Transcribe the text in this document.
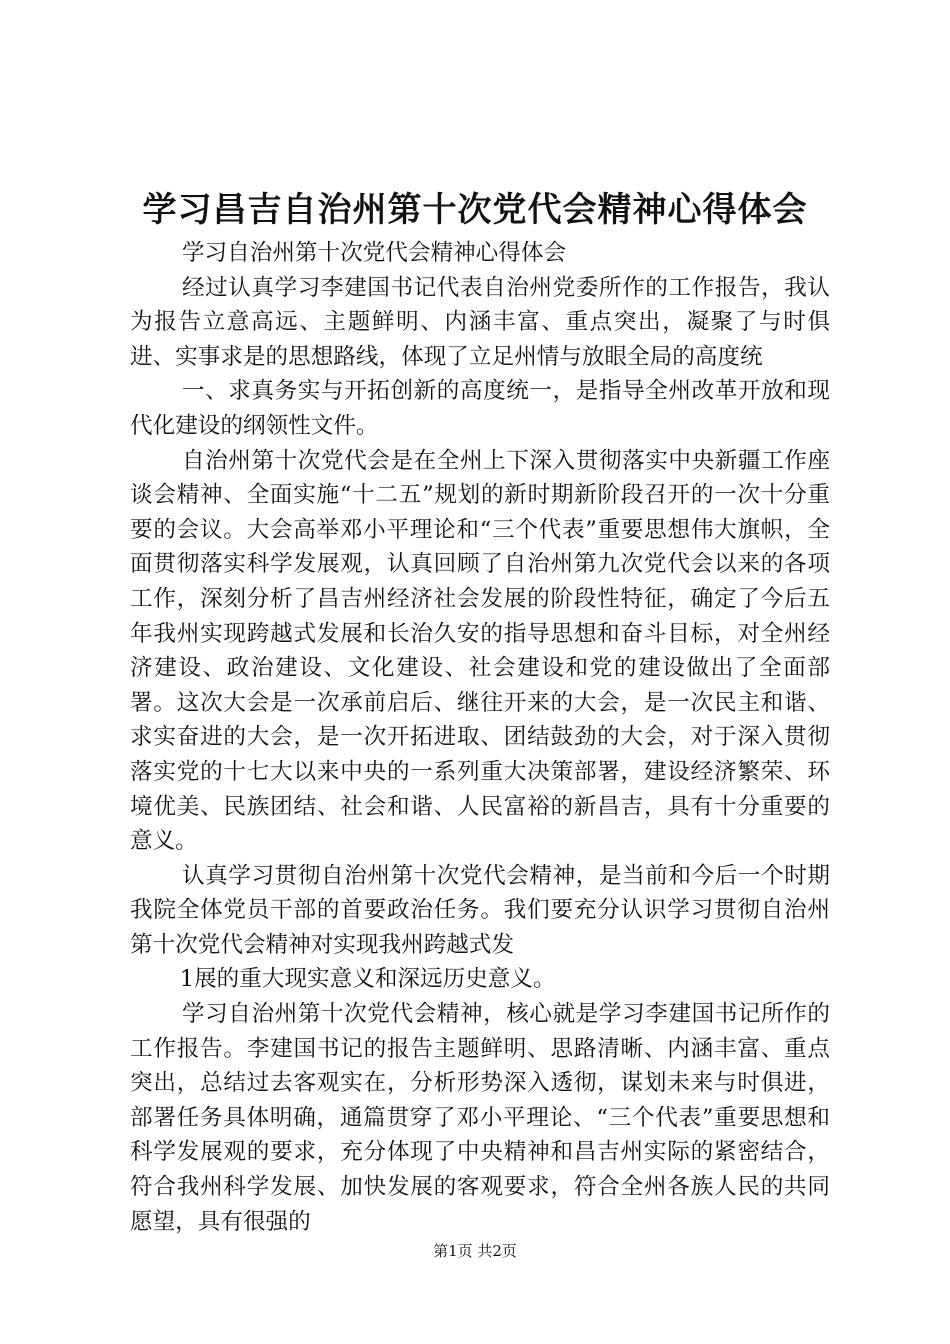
学习昌吉自治州第十次党代会精神心得体会

学习自治州第十次党代会精神心得体会

经过认真学习李建国书记代表自治州党委所作的工作报告，我认为报告立意高远、主题鲜明、内涵丰富、重点突出，凝聚了与时俱进、实事求是的思想路线，体现了立足州情与放眼全局的高度统

一、求真务实与开拓创新的高度统一，是指导全州改革开放和现代化建设的纲领性文件。

自治州第十次党代会是在全州上下深入贯彻落实中央新疆工作座谈会精神、全面实施“十二五”规划的新时期新阶段召开的一次十分重要的会议。大会高举邓小平理论和“三个代表”重要思想伟大旗帜，全面贯彻落实科学发展观，认真回顾了自治州第九次党代会以来的各项工作，深刻分析了昌吉州经济社会发展的阶段性特征，确定了今后五年我州实现跨越式发展和长治久安的指导思想和奋斗目标，对全州经济建设、政治建设、文化建设、社会建设和党的建设做出了全面部署。这次大会是一次承前启后、继往开来的大会，是一次民主和谐、求实奋进的大会，是一次开拓进取、团结鼓劲的大会，对于深入贯彻落实党的十七大以来中央的一系列重大决策部署，建设经济繁荣、环境优美、民族团结、社会和谐、人民富裕的新昌吉，具有十分重要的意义。

认真学习贯彻自治州第十次党代会精神，是当前和今后一个时期我院全体党员干部的首要政治任务。我们要充分认识学习贯彻自治州第十次党代会精神对实现我州跨越式发

1展的重大现实意义和深远历史意义。

学习自治州第十次党代会精神，核心就是学习李建国书记所作的工作报告。李建国书记的报告主题鲜明、思路清晰、内涵丰富、重点突出，总结过去客观实在，分析形势深入透彻，谋划未来与时俱进，部署任务具体明确，通篇贯穿了邓小平理论、“三个代表”重要思想和科学发展观的要求，充分体现了中央精神和昌吉州实际的紧密结合，符合我州科学发展、加快发展的客观要求，符合全州各族人民的共同愿望，具有很强的

第1页 共2页
